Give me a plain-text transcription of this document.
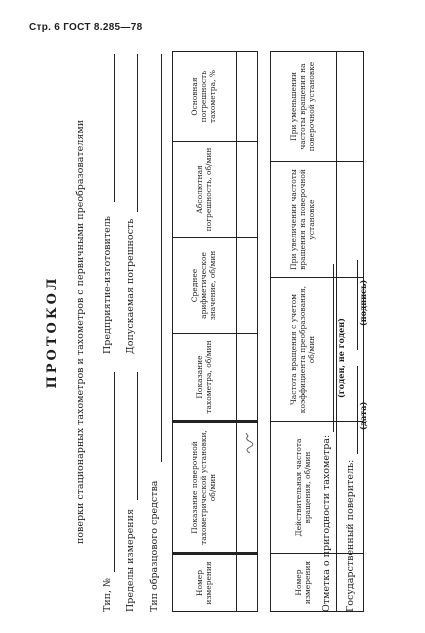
Стр. 6 ГОСТ 8.285—78
ПРОТОКОЛ поверки стационарных тахометров и тахометров с первичными преобразователями
Тип, №
Предприятие-изготовитель
Пределы измерения
Допускаемая погрешность
Тип образцового средства	Номер измерения	Показание поверочной тахометрической установки, об/мин	Показание тахометра, об/мин	Среднее арифметическое значение, об/мин	Абсолютная погрешность, об/мин	Основная погрешность тахометра, %

Номер измерения	Действительная частота вращения, об/мин	Частота вращения с учетом коэффициента преобразования, об/мин	При увеличении частоты вращения на поверочной установке	При уменьшении частоты вращения на поверочной установке

Отметка о пригодности тахометра:
(годен, не годен)
Государственный поверитель:
(дата)
(подпись)
